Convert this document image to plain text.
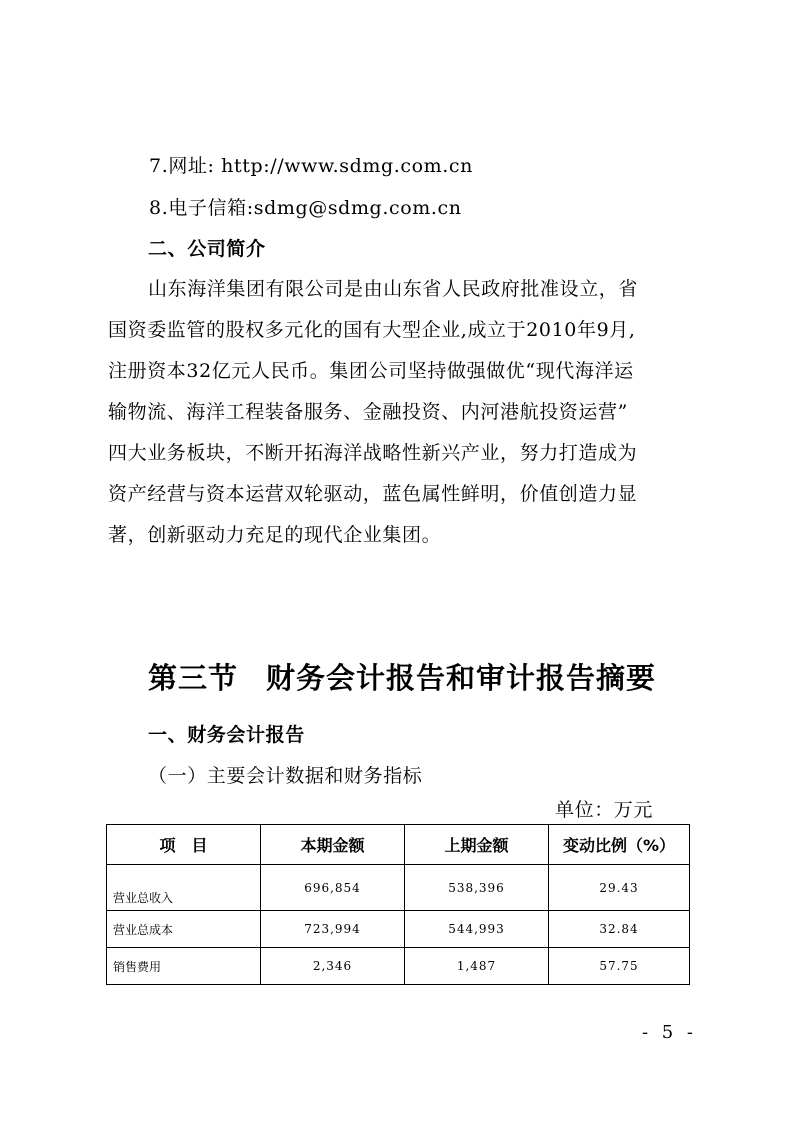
7.网址: http://www.sdmg.com.cn
8.电子信箱:sdmg@sdmg.com.cn
二、公司简介
山东海洋集团有限公司是由山东省人民政府批准设立，省
国资委监管的股权多元化的国有大型企业,成立于2010年9月,
注册资本32亿元人民币。集团公司坚持做强做优“现代海洋运
输物流、海洋工程装备服务、金融投资、内河港航投资运营”
四大业务板块，不断开拓海洋战略性新兴产业，努力打造成为
资产经营与资本运营双轮驱动，蓝色属性鲜明，价值创造力显
著，创新驱动力充足的现代企业集团。
第三节 财务会计报告和审计报告摘要
一、财务会计报告
（一）主要会计数据和财务指标
单位：万元
项　目	本期金额	上期金额	变动比例（%）
营业总收入	696,854	538,396	29.43
营业总成本	723,994	544,993	32.84
销售费用	2,346	1,487	57.75
- 5 -
